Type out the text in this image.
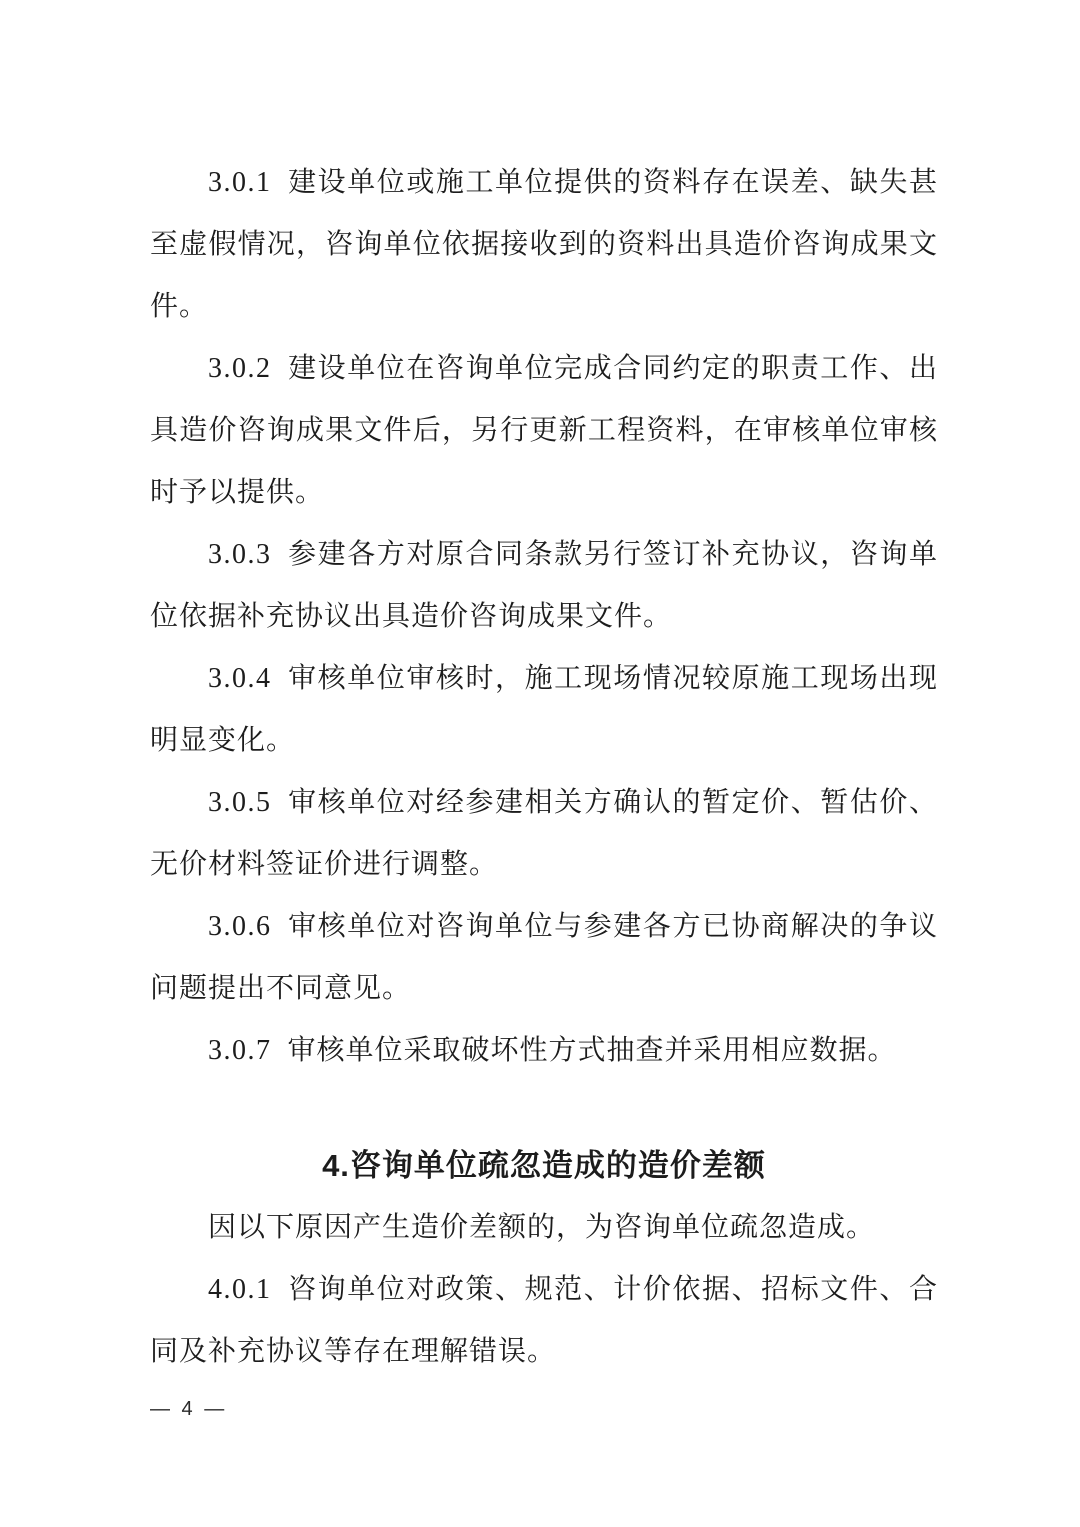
3.0.1 建设单位或施工单位提供的资料存在误差、缺失甚至虚假情况，咨询单位依据接收到的资料出具造价咨询成果文件。

3.0.2 建设单位在咨询单位完成合同约定的职责工作、出具造价咨询成果文件后，另行更新工程资料，在审核单位审核时予以提供。

3.0.3 参建各方对原合同条款另行签订补充协议，咨询单位依据补充协议出具造价咨询成果文件。

3.0.4 审核单位审核时，施工现场情况较原施工现场出现明显变化。

3.0.5 审核单位对经参建相关方确认的暂定价、暂估价、无价材料签证价进行调整。

3.0.6 审核单位对咨询单位与参建各方已协商解决的争议问题提出不同意见。

3.0.7 审核单位采取破坏性方式抽查并采用相应数据。

4.咨询单位疏忽造成的造价差额

因以下原因产生造价差额的，为咨询单位疏忽造成。

4.0.1 咨询单位对政策、规范、计价依据、招标文件、合同及补充协议等存在理解错误。

— 4 —
